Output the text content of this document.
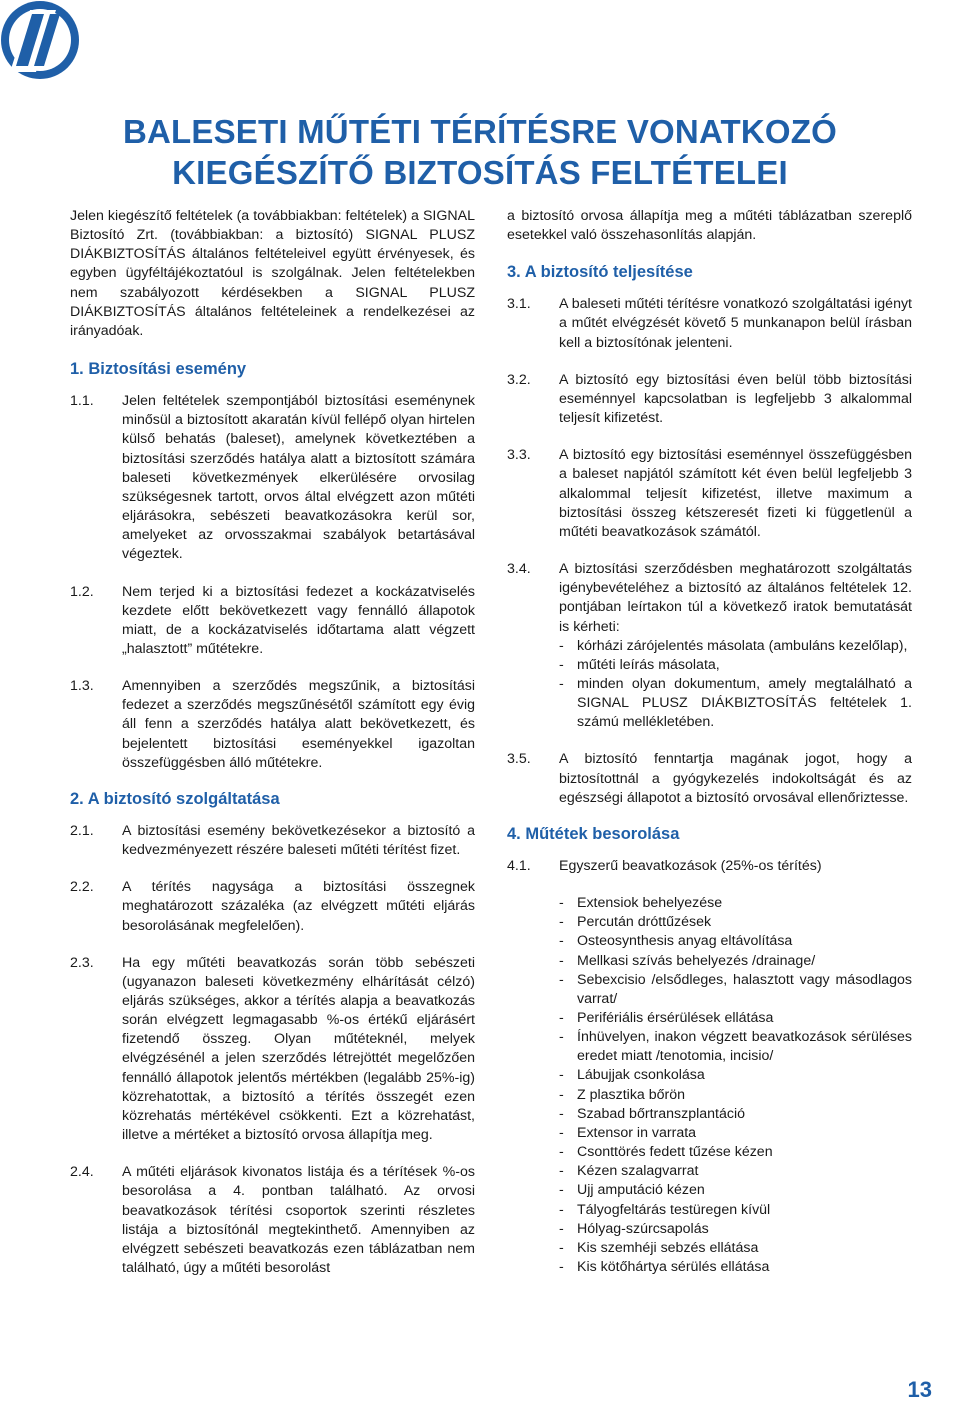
BALESETI MŰTÉTI TÉRÍTÉSRE VONATKOZÓ
KIEGÉSZÍTŐ BIZTOSÍTÁS FELTÉTELEI

Jelen kiegészítő feltételek (a továbbiakban: feltételek) a SIGNAL Biztosító Zrt. (továbbiakban: a biztosító) SIGNAL PLUSZ DIÁKBIZTOSÍTÁS általános feltételeivel együtt érvényesek, és egyben ügyféltájékoztatóul is szolgálnak. Jelen feltételekben nem szabályozott kérdésekben a SIGNAL PLUSZ DIÁKBIZTOSÍTÁS általános feltételeinek a rendelkezései az irányadóak.

1. Biztosítási esemény
1.1.	Jelen feltételek szempontjából biztosítási eseménynek minősül a biztosított akaratán kívül fellépő olyan hirtelen külső behatás (baleset), amelynek következtében a biztosítási szerződés hatálya alatt a biztosított számára baleseti következmények elkerülésére orvosilag szükségesnek tartott, orvos által elvégzett azon műtéti eljárásokra, sebészeti beavatkozásokra kerül sor, amelyeket az orvosszakmai szabályok betartásával végeztek.
1.2.	Nem terjed ki a biztosítási fedezet a kockázatviselés kezdete előtt bekövetkezett vagy fennálló állapotok miatt, de a kockázatviselés időtartama alatt végzett „halasztott” műtétekre.
1.3.	Amennyiben a szerződés megszűnik, a biztosítási fedezet a szerződés megszűnésétől számított egy évig áll fenn a szerződés hatálya alatt bekövetkezett, és bejelentett biztosítási eseményekkel igazoltan összefüggésben álló műtétekre.
2. A biztosító szolgáltatása
2.1.	A biztosítási esemény bekövetkezésekor a biztosító a kedvezményezett részére baleseti műtéti térítést fizet.
2.2.	A térítés nagysága a biztosítási összegnek meghatározott százaléka (az elvégzett műtéti eljárás besorolásának megfelelően).
2.3.	Ha egy műtéti beavatkozás során több sebészeti (ugyanazon baleseti következmény elhárítását célzó) eljárás szükséges, akkor a térítés alapja a beavatkozás során elvégzett legmagasabb %-os értékű eljárásért fizetendő összeg. Olyan műtéteknél, melyek elvégzésénél a jelen szerződés létrejöttét megelőzően fennálló állapotok jelentős mértékben (legalább 25%-ig) közrehatottak, a biztosító a térítés összegét ezen közrehatás mértékével csökkenti. Ezt a közrehatást, illetve a mértéket a biztosító orvosa állapítja meg.
2.4.	A műtéti eljárások kivonatos listája és a térítések %-os besorolása a 4. pontban található. Az orvosi beavatkozások térítési csoportok szerinti részletes listája a biztosítónál megtekinthető. Amennyiben az elvégzett sebészeti beavatkozás ezen táblázatban nem található, úgy a műtéti besorolást

a biztosító orvosa állapítja meg a műtéti táblázatban szereplő esetekkel való összehasonlítás alapján.

3. A biztosító teljesítése
3.1.	A baleseti műtéti térítésre vonatkozó szolgáltatási igényt a műtét elvégzését követő 5 munkanapon belül írásban kell a biztosítónak jelenteni.
3.2.	A biztosító egy biztosítási éven belül több biztosítási eseménnyel kapcsolatban is legfeljebb 3 alkalommal teljesít kifizetést.
3.3.	A biztosító egy biztosítási eseménnyel összefüggésben a baleset napjától számított két éven belül legfeljebb 3 alkalommal teljesít kifizetést, illetve maximum a biztosítási összeg kétszeresét fizeti ki függetlenül a műtéti beavatkozások számától.
3.4.	A biztosítási szerződésben meghatározott szolgáltatás igénybevételéhez a biztosító az általános feltételek 12. pontjában leírtakon túl a következő iratok bemutatását is kérheti:
- kórházi zárójelentés másolata (ambuláns kezelőlap),
- műtéti leírás másolata,
- minden olyan dokumentum, amely megtalálható a SIGNAL PLUSZ DIÁKBIZTOSÍTÁS feltételek 1. számú mellékletében.
3.5.	A biztosító fenntartja magának jogot, hogy a biztosítottnál a gyógykezelés indokoltságát és az egészségi állapotot a biztosító orvosával ellenőriztesse.
4. Műtétek besorolása
4.1.	Egyszerű beavatkozások (25%-os térítés)
- Extensiok behelyezése
- Percután dróttűzések
- Osteosynthesis anyag eltávolítása
- Mellkasi szívás behelyezés /drainage/
- Sebexcisio /elsődleges, halasztott vagy másodlagos varrat/
- Perifériális érsérülések ellátása
- Ínhüvelyen, inakon végzett beavatkozások sérüléses eredet miatt /tenotomia, incisio/
- Lábujjak csonkolása
- Z plasztika bőrön
- Szabad bőrtranszplantáció
- Extensor in varrata
- Csonttörés fedett tűzése kézen
- Kézen szalagvarrat
- Ujj amputáció kézen
- Tályogfeltárás testüregen kívül
- Hólyag-szúrcsapolás
- Kis szemhéji sebzés ellátása
- Kis kötőhártya sérülés ellátása
13
